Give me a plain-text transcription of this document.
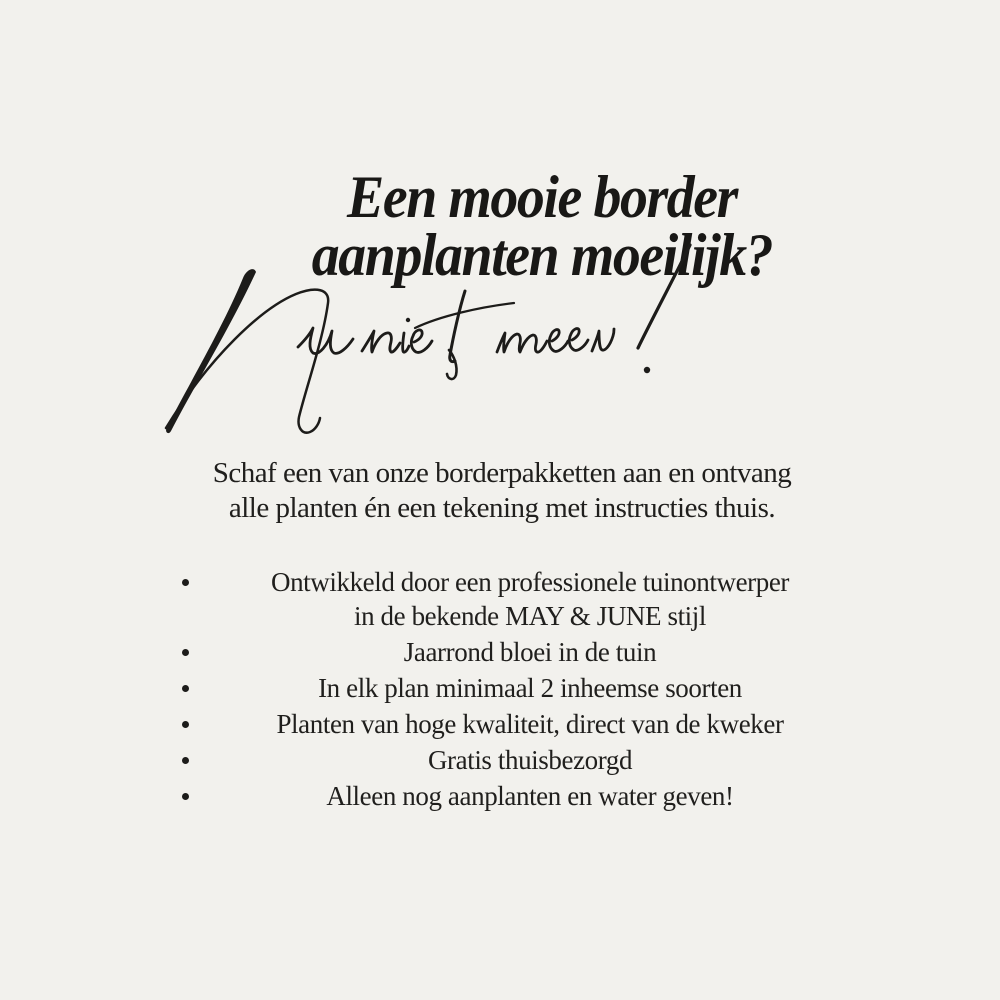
Een mooie border
aanplanten moeilijk?

Schaf een van onze borderpakketten aan en ontvang
alle planten én een tekening met instructies thuis.

Ontwikkeld door een professionele tuinontwerper
in de bekende MAY & JUNE stijl
Jaarrond bloei in de tuin
In elk plan minimaal 2 inheemse soorten
Planten van hoge kwaliteit, direct van de kweker
Gratis thuisbezorgd
Alleen nog aanplanten en water geven!
